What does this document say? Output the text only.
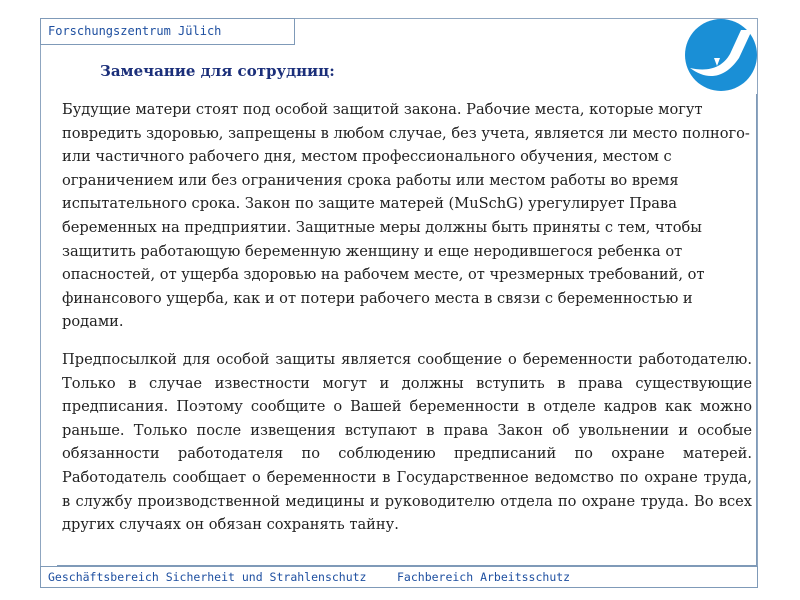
Forschungszentrum Jülich
Замечание для сотрудниц:

Будущие матери стоят под особой защитой закона. Рабочие места, которые могут повредить здоровью, запрещены в любом случае, без учета, является ли место полного- или частичного рабочего дня, местом профессионального обучения, местом с ограничением или без ограничения срока работы или местом работы во время испытательного срока. Закон по защите матерей (MuSchG) урегулирует Права беременных на предприятии. Защитные меры должны быть приняты с тем, чтобы защитить работающую беременную женщину и еще неродившегося ребенка от опасностей, от ущерба здоровью на рабочем месте, от чрезмерных требований, от финансового ущерба, как и от потери рабочего места в связи с беременностью и родами.

Предпосылкой для особой защиты является сообщение о беременности работодателю. Только в случае известности могут и должны вступить в права существующие предписания. Поэтому сообщите о Вашей беременности в отделе кадров как можно раньше. Только после извещения вступают в права Закон об увольнении и особые обязанности работодателя по соблюдению предписаний по охране матерей. Работодатель сообщает о беременности в Государственное ведомство по охране труда, в службу производственной медицины и руководителю отдела по охране труда. Во всех других случаях он обязан сохранять тайну.

Geschäftsbereich Sicherheit und Strahlenschutz	Fachbereich Arbeitsschutz
